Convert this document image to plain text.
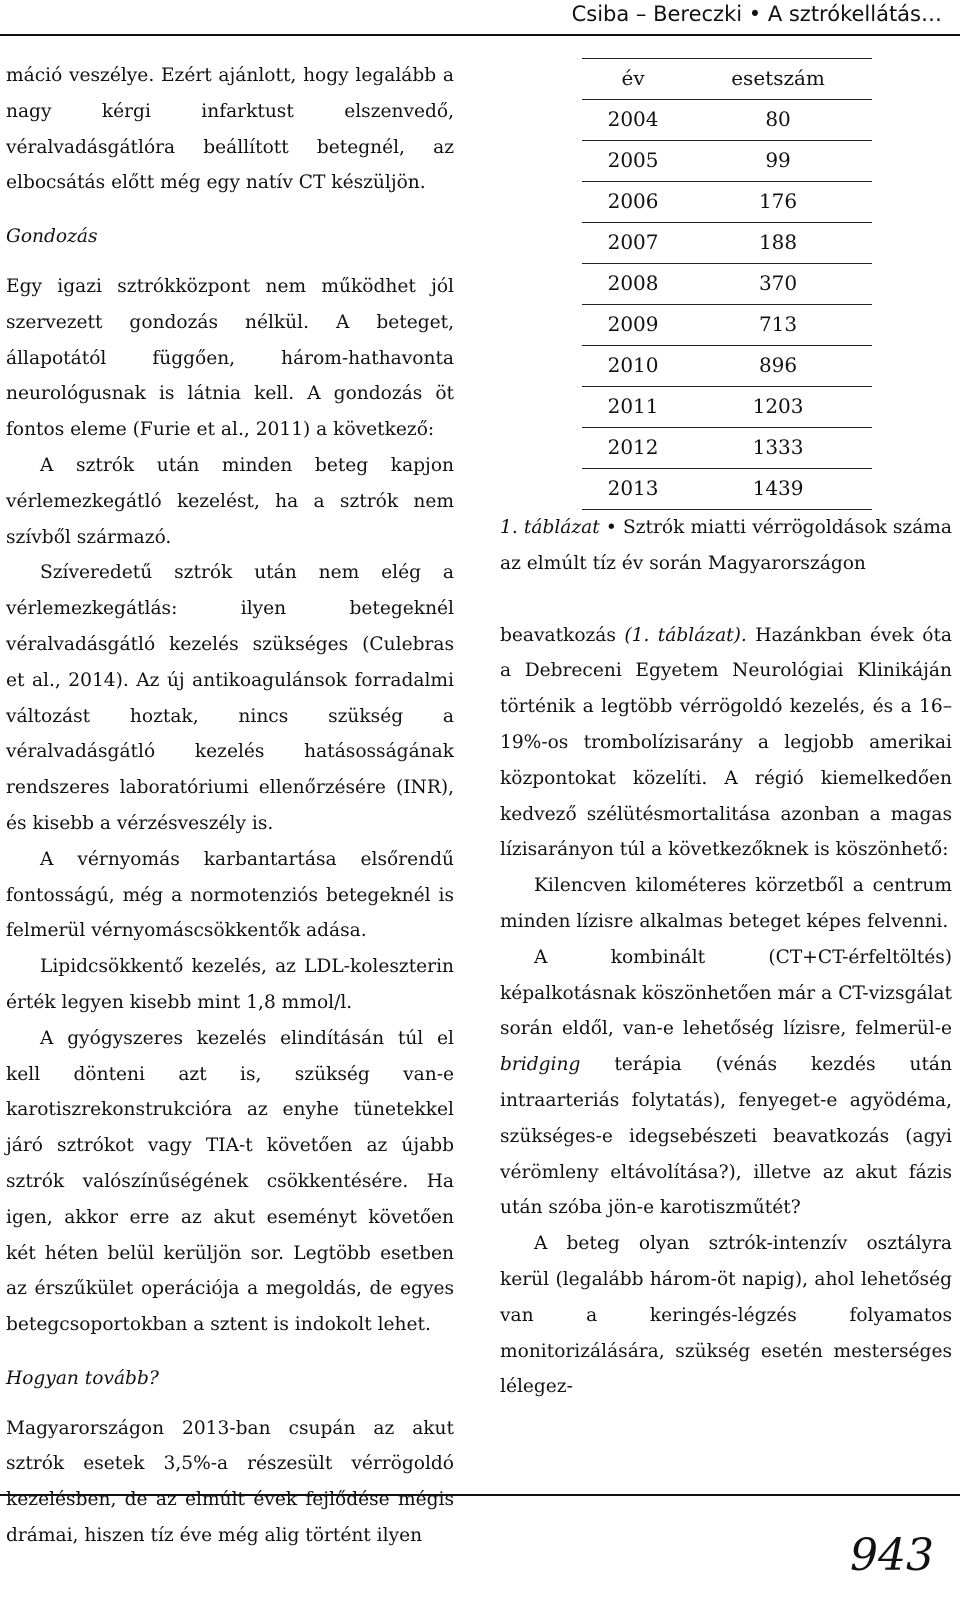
Csiba – Bereczki • A sztrókellátás…

máció veszélye. Ezért ajánlott, hogy legalább a nagy kérgi infarktust elszenvedő, véralvadásgátlóra beállított betegnél, az elbocsátás előtt még egy natív CT készüljön.

Gondozás

Egy igazi sztrókközpont nem működhet jól szervezett gondozás nélkül. A beteget, állapotától függően, három-hathavonta neurológusnak is látnia kell. A gondozás öt fontos eleme (Furie et al., 2011) a következő:

A sztrók után minden beteg kapjon vérlemezkegátló kezelést, ha a sztrók nem szívből származó.

Szíveredetű sztrók után nem elég a vérlemezkegátlás: ilyen betegeknél véralvadásgátló kezelés szükséges (Culebras et al., 2014). Az új antikoagulánsok forradalmi változást hoztak, nincs szükség a véralvadásgátló kezelés hatásosságának rendszeres laboratóriumi ellenőrzésére (INR), és kisebb a vérzésveszély is.

A vérnyomás karbantartása elsőrendű fontosságú, még a normotenziós betegeknél is felmerül vérnyomáscsökkentők adása.

Lipidcsökkentő kezelés, az LDL-koleszterin érték legyen kisebb mint 1,8 mmol/l.

A gyógyszeres kezelés elindításán túl el kell dönteni azt is, szükség van-e karotiszrekonstrukcióra az enyhe tünetekkel járó sztrókot vagy TIA-t követően az újabb sztrók valószínűségének csökkentésére. Ha igen, akkor erre az akut eseményt követően két héten belül kerüljön sor. Legtöbb esetben az érszűkület operációja a megoldás, de egyes betegcsoportokban a sztent is indokolt lehet.

Hogyan tovább?

Magyarországon 2013-ban csupán az akut sztrók esetek 3,5%-a részesült vérrögoldó kezelésben, de az elmúlt évek fejlődése mégis drámai, hiszen tíz éve még alig történt ilyen

év	esetszám
2004	80
2005	99
2006	176
2007	188
2008	370
2009	713
2010	896
2011	1203
2012	1333
2013	1439

1. táblázat • Sztrók miatti vérrögoldások száma az elmúlt tíz év során Magyarországon

beavatkozás (1. táblázat). Hazánkban évek óta a Debreceni Egyetem Neurológiai Klinikáján történik a legtöbb vérrögoldó kezelés, és a 16–19%-os trombolízisarány a legjobb amerikai központokat közelíti. A régió kiemelkedően kedvező szélütésmortalitása azonban a magas lízisarányon túl a következőknek is köszönhető:

Kilencven kilométeres körzetből a centrum minden lízisre alkalmas beteget képes felvenni.

A kombinált (CT+CT-érfeltöltés) képalkotásnak köszönhetően már a CT-vizsgálat során eldől, van-e lehetőség lízisre, felmerül-e bridging terápia (vénás kezdés után intraarteriás folytatás), fenyeget-e agyödéma, szükséges-e idegsebészeti beavatkozás (agyi vérömleny eltávolítása?), illetve az akut fázis után szóba jön-e karotiszműtét?

A beteg olyan sztrók-intenzív osztályra kerül (legalább három-öt napig), ahol lehetőség van a keringés-légzés folyamatos monitorizálására, szükség esetén mesterséges lélegez-

943
